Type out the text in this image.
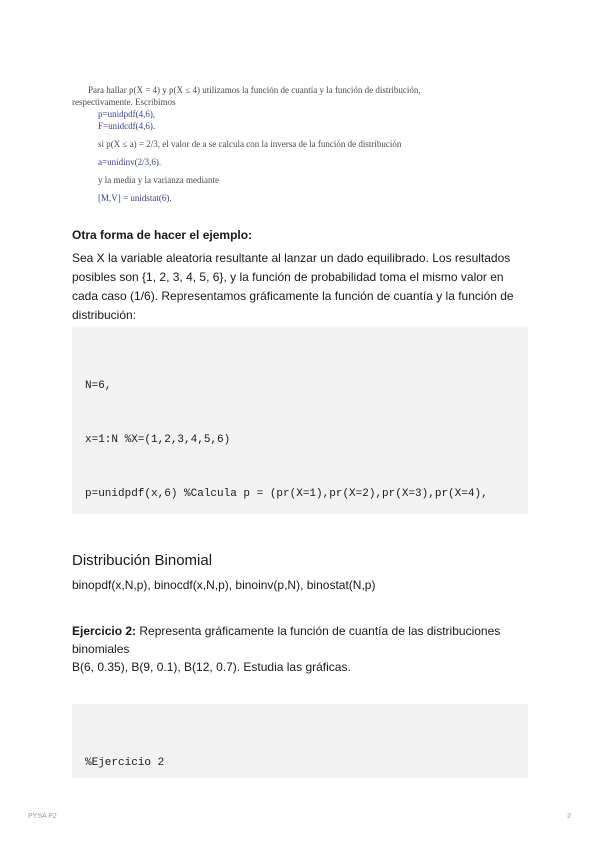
Para hallar p(X = 4) y p(X ≤ 4) utilizamos la función de cuantía y la función de distribución,

respectivamente. Escribimos

p=unidpdf(4,6),

F=unidcdf(4,6).

si p(X ≤ a) = 2/3, el valor de a se calcula con la inversa de la función de distribución

a=unidinv(2/3,6).

y la media y la varianza mediante

[M,V] = unidstat(6).

Otra forma de hacer el ejemplo:

Sea X la variable aleatoria resultante al lanzar un dado equilibrado. Los resultados posibles son {1, 2, 3, 4, 5, 6}, y la función de probabilidad toma el mismo valor en cada caso (1/6). Representamos gráficamente la función de cuantía y la función de distribución:

N=6,

x=1:N %X=(1,2,3,4,5,6)

p=unidpdf(x,6) %Calcula p = (pr(X=1),pr(X=2),pr(X=3),pr(X=4),

Distribución Binomial

binopdf(x,N,p), binocdf(x,N,p), binoinv(p,N), binostat(N,p)

Ejercicio 2: Representa gráficamente la función de cuantía de las distribuciones binomiales
B(6, 0.35), B(9, 0.1), B(12, 0.7). Estudia las gráficas.

%Ejercicio 2

PYSA P2	2
